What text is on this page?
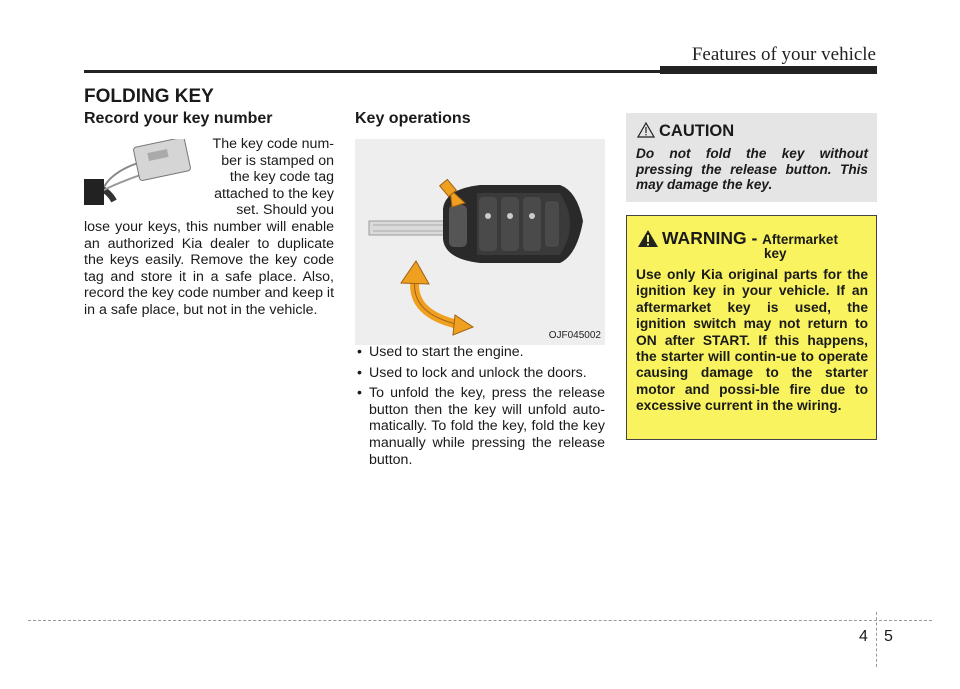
Features of your vehicle
FOLDING KEY
Record your key number
The key code num-
ber is stamped on
the key code tag
attached to the key
set. Should you
lose your keys, this number will enable an authorized Kia dealer to duplicate the keys easily. Remove the key code tag and store it in a safe place. Also, record the key code number and keep it in a safe place, but not in the vehicle.
Key operations
OJF045002
• Used to start the engine.
• Used to lock and unlock the doors.
• To unfold the key, press the release button then the key will unfold auto-matically. To fold the key, fold the key manually while pressing the release button.
CAUTION
Do not fold the key without pressing the release button. This may damage the key.
WARNING - Aftermarket
key
Use only Kia original parts for the ignition key in your vehicle. If an aftermarket key is used, the ignition switch may not return to ON after START. If this happens, the starter will contin-ue to operate causing damage to the starter motor and possi-ble fire due to excessive current in the wiring.
4 5
